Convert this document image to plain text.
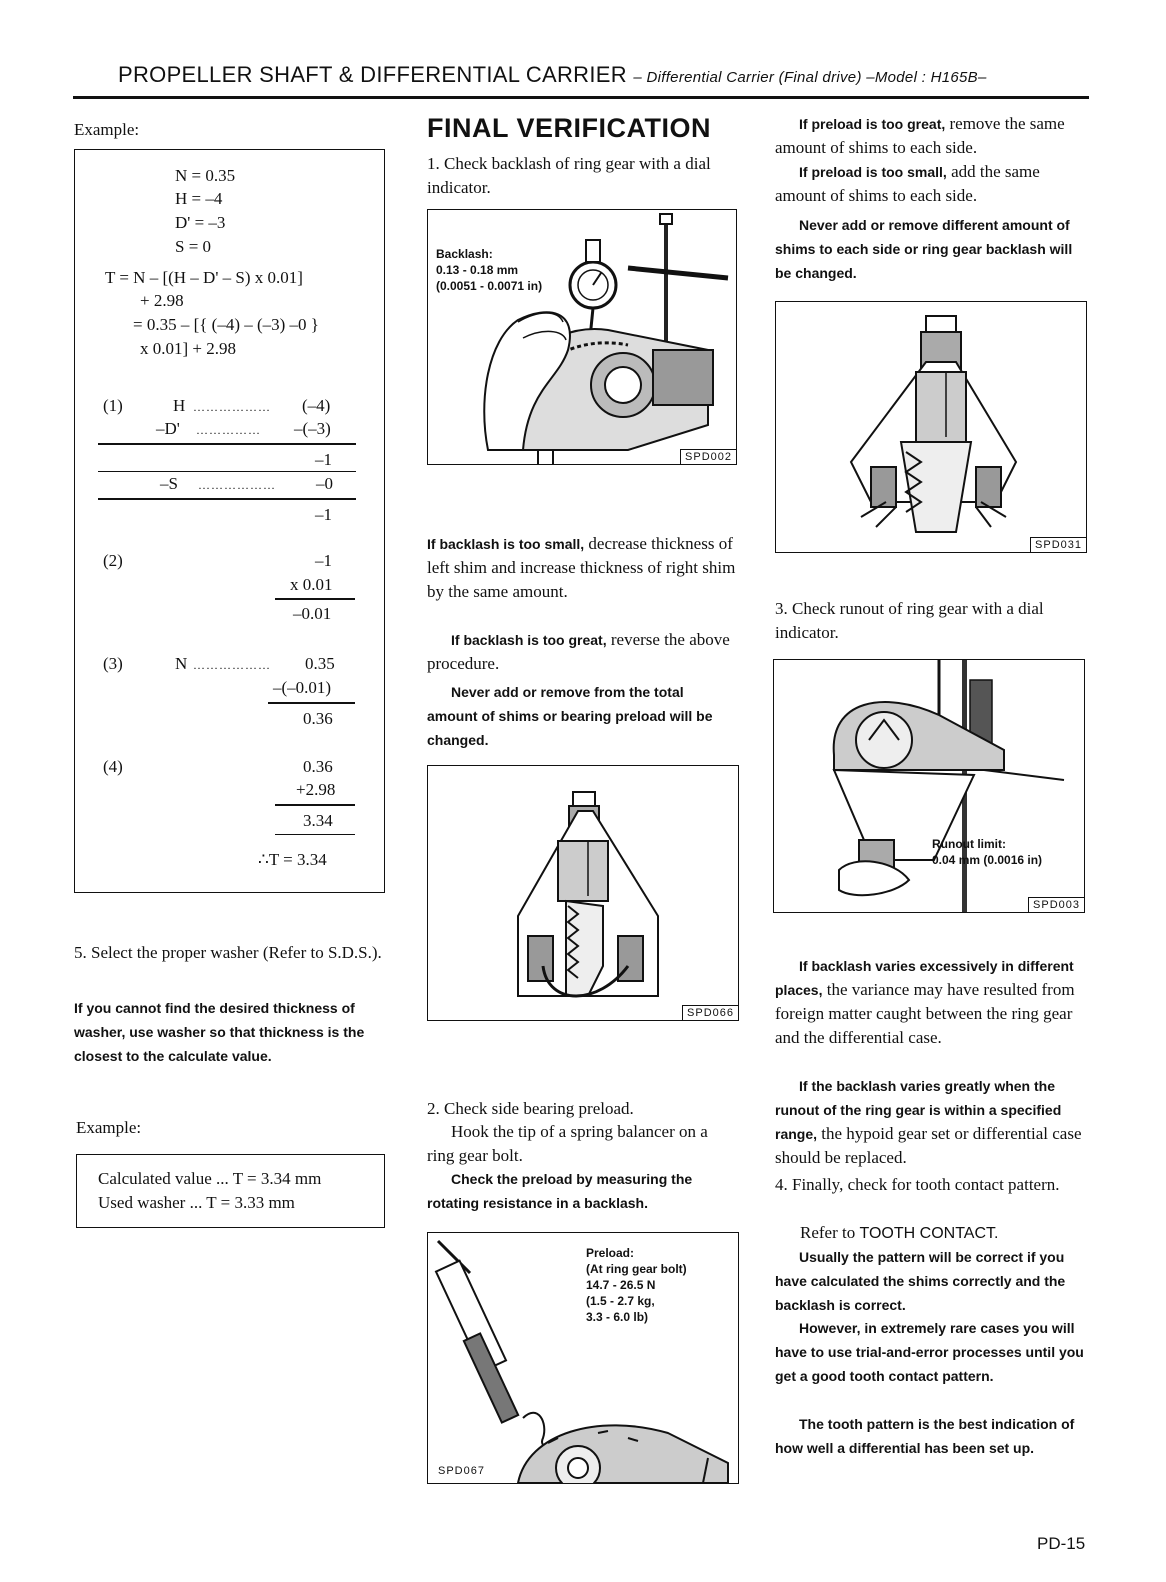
PROPELLER SHAFT & DIFFERENTIAL CARRIER – Differential Carrier (Final drive) –Model : H165B–
Example:
N = 0.35
H = –4
D' = –3
S = 0
T = N – [(H – D' – S) x 0.01]
+ 2.98
= 0.35 – [{ (–4) – (–3) –0 }
x 0.01] + 2.98
(1)	H ……………… (–4)
–D' …………… –(–3)
–1
–S ……………… –0
–1
(2)	–1
x 0.01
–0.01
(3)	N ……………… 0.35
–(–0.01)
0.36
(4)	0.36
+2.98
3.34
∴T = 3.34
5. Select the proper washer (Refer to S.D.S.).
If you cannot find the desired thickness of washer, use washer so that thickness is the closest to the calculate value.
Example:
Calculated value ... T = 3.34 mm
Used washer ... T = 3.33 mm
FINAL VERIFICATION
1. Check backlash of ring gear with a dial indicator.
Backlash:
0.13 - 0.18 mm
(0.0051 - 0.0071 in)
SPD002
If backlash is too small, decrease thickness of left shim and increase thickness of right shim by the same amount.
If backlash is too great, reverse the above procedure.
Never add or remove from the total amount of shims or bearing preload will be changed.
SPD066
2. Check side bearing preload.
Hook the tip of a spring balancer on a ring gear bolt.
Check the preload by measuring the rotating resistance in a backlash.
Preload:
(At ring gear bolt)
14.7 - 26.5 N
(1.5 - 2.7 kg,
3.3 - 6.0 lb)
SPD067
If preload is too great, remove the same amount of shims to each side.
If preload is too small, add the same amount of shims to each side.
Never add or remove different amount of shims to each side or ring gear backlash will be changed.
SPD031
3. Check runout of ring gear with a dial indicator.
Runout limit:
0.04 mm (0.0016 in)
SPD003
If backlash varies excessively in different places, the variance may have resulted from foreign matter caught between the ring gear and the differential case.
If the backlash varies greatly when the runout of the ring gear is within a specified range, the hypoid gear set or differential case should be replaced.
4. Finally, check for tooth contact pattern.
Refer to TOOTH CONTACT.
Usually the pattern will be correct if you have calculated the shims correctly and the backlash is correct.
However, in extremely rare cases you will have to use trial-and-error processes until you get a good tooth contact pattern.
The tooth pattern is the best indication of how well a differential has been set up.
PD-15
